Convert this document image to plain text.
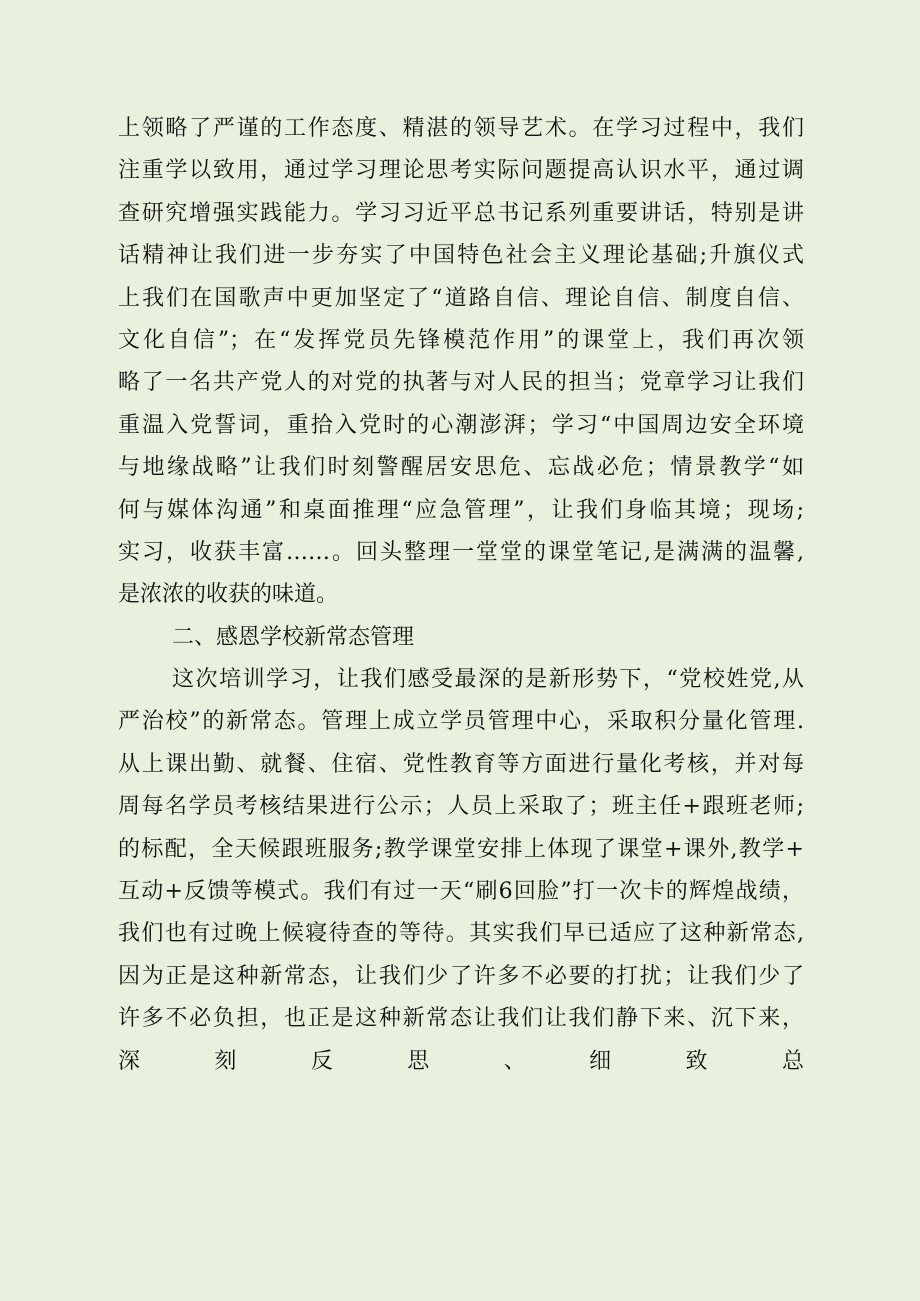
上领略了严谨的工作态度、精湛的领导艺术。在学习过程中，我们
注重学以致用，通过学习理论思考实际问题提高认识水平，通过调
查研究增强实践能力。学习习近平总书记系列重要讲话，特别是讲
话精神让我们进一步夯实了中国特色社会主义理论基础;升旗仪式
上我们在国歌声中更加坚定了“道路自信、理论自信、制度自信、
文化自信”；在“发挥党员先锋模范作用”的课堂上，我们再次领
略了一名共产党人的对党的执著与对人民的担当；党章学习让我们
重温入党誓词，重拾入党时的心潮澎湃；学习“中国周边安全环境
与地缘战略”让我们时刻警醒居安思危、忘战必危；情景教学“如
何与媒体沟通”和桌面推理“应急管理”，让我们身临其境；现场;
实习，收获丰富……。回头整理一堂堂的课堂笔记,是满满的温馨,
是浓浓的收获的味道。
二、感恩学校新常态管理
这次培训学习，让我们感受最深的是新形势下，“党校姓党,从
严治校”的新常态。管理上成立学员管理中心，采取积分量化管理.
从上课出勤、就餐、住宿、党性教育等方面进行量化考核，并对每
周每名学员考核结果进行公示；人员上采取了；班主任+跟班老师;
的标配，全天候跟班服务;教学课堂安排上体现了课堂+课外,教学+
互动+反馈等模式。我们有过一天“刷6回脸”打一次卡的辉煌战绩，
我们也有过晚上候寝待查的等待。其实我们早已适应了这种新常态,
因为正是这种新常态，让我们少了许多不必要的打扰；让我们少了
许多不必负担，也正是这种新常态让我们让我们静下来、沉下来，
深　　刻　　反　　思　　、　　细　　致　　总
